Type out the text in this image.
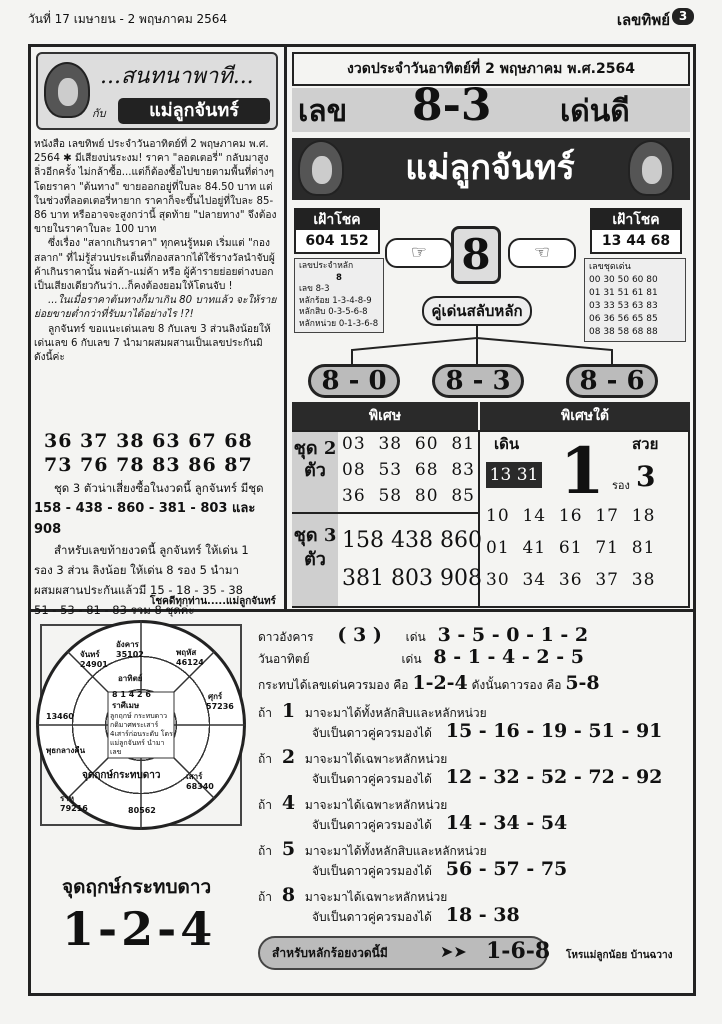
วันที่ 17 เมษายน - 2 พฤษภาคม 2564	เลขทิพย์ 3
...สนทนาพาที...
กับ	แม่ลูกจันทร์

หนังสือ เลขทิพย์ ประจำวันอาทิตย์ที่ 2 พฤษภาคม พ.ศ. 2564 ✱ มีเสียงบ่นระงม! ราคา "ลอตเตอรี่" กลับมาสูงลิ่วอีกครั้ง ไม่กล้าซื้อ...แต่ก็ต้องซื้อไปขายตามพื้นที่ต่างๆ โดยราคา "ต้นทาง" ขายออกอยู่ที่ใบละ 84.50 บาท แต่ในช่วงที่ลอตเตอรี่หายาก ราคาก็จะขึ้นไปอยู่ที่ใบละ 85-86 บาท หรืออาจจะสูงกว่านี้ สุดท้าย "ปลายทาง" จึงต้องขายในราคาใบละ 100 บาท

ซึ่งเรื่อง "สลากเกินราคา" ทุกคนรู้หมด เริ่มแต่ "กองสลาก" ที่ไม่รู้ส่วนประเด็นที่กองสลากได้ใช้รางวัลนำจับผู้ค้าเกินราคานั้น พ่อค้า-แม่ค้า หรือ ผู้ค้ารายย่อยต่างบอกเป็นเสียงเดียวกันว่า...ก็คงต้องยอมให้โดนจับ !

...ในเมื่อราคาต้นทางก็มาเกิน 80 บาทแล้ว จะให้รายย่อยขายต่ำกว่าที่รับมาได้อย่างไร !?!

ลูกจันทร์ ขอแนะเด่นเลข 8 กับเลข 3 ส่วนลิงน้อยให้เด่นเลข 6 กับเลข 7 นำมาผสมผสานเป็นเลขประกันมิดังนี้ค่ะ

36 37 38 63 67 68
73 76 78 83 86 87
ชุด 3 ตัวน่าเสี่ยงซื้อในงวดนี้ ลูกจันทร์ มีชุด
158 - 438 - 860 - 381 - 803 และ 908
สำหรับเลขท้ายงวดนี้ ลูกจันทร์ ให้เด่น 1
รอง 3 ส่วน ลิงน้อย ให้เด่น 8 รอง 5 นำมา
ผสมผสานประกันแล้วมี 15 - 18 - 35 - 38
51 - 53 - 81 - 83 รวม 8 ชุดค่ะ
โชคดีทุกท่าน.....แม่ลูกจันทร์
งวดประจำวันอาทิตย์ที่ 2 พฤษภาคม พ.ศ.2564
เลข 8-3 เด่นดี
แม่ลูกจันทร์
เฝ้าโชค
604 152
เฝ้าโชค
13 44 68
เลขประจำหลัก
8
เลข 8-3
หลักร้อย 1-3-4-8-9
หลักสิบ 0-3-5-6-8
หลักหน่วย 0-1-3-6-8
เลขชุดเด่น
00 30 50 60 80
01 31 51 61 81
03 33 53 63 83
06 36 56 65 85
08 38 58 68 88
☞	☜
8
คู่เด่นสลับหลัก
8 - 0	8 - 3	8 - 6
พิเศษ	พิเศษใต้
ชุด 2 ตัว
ชุด 3 ตัว
03  38  60  81
08  53  68  83
36  58  80  85
158 438 860
381 803 908
เดิน	สวย
13 31 1 รอง 3
10  14  16  17  18
01  41  61  71  81
30  34  36  37  38
อังคาร
35102	พฤหัส
46124
ศุกร์
57236
เสาร์
68340
อาทิตย์
13460
จันทร์
24901
ราหู
79216
พุธกลางคืน
80562
8 1 4 2 6 ราศีเมษ
ลูกฤกษ์ กระทบดาว กดิมาศพระเสาร์ 4เสาร์ก่อนระดับ โดร แม่ลูกจันทร์ นำมาเลข
จุดฤกษ์กระทบดาว
จุดฤกษ์กระทบดาว
1-2-4
ดาวอังคาร ( 3 ) เด่น 3 - 5 - 0 - 1 - 2
วันอาทิตย์	เด่น 8 - 1 - 4 - 2 - 5
กระทบได้เลขเด่นควรมอง คือ 1-2-4 ดังนั้นดาวรอง คือ 5-8
ถ้า 1 มาจะมาได้ทั้งหลักสิบและหลักหน่วย
จับเป็นดาวคู่ควรมองได้ 15 - 16 - 19 - 51 - 91
ถ้า 2 มาจะมาได้เฉพาะหลักหน่วย
จับเป็นดาวคู่ควรมองได้ 12 - 32 - 52 - 72 - 92
ถ้า 4 มาจะมาได้เฉพาะหลักหน่วย
จับเป็นดาวคู่ควรมองได้ 14 - 34 - 54
ถ้า 5 มาจะมาได้ทั้งหลักสิบและหลักหน่วย
จับเป็นดาวคู่ควรมองได้ 56 - 57 - 75
ถ้า 8 มาจะมาได้เฉพาะหลักหน่วย
จับเป็นดาวคู่ควรมองได้ 18 - 38
สำหรับหลักร้อยงวดนี้มี	➤➤ 1-6-8 โหรแม่ลูกน้อย บ้านฉวาง
